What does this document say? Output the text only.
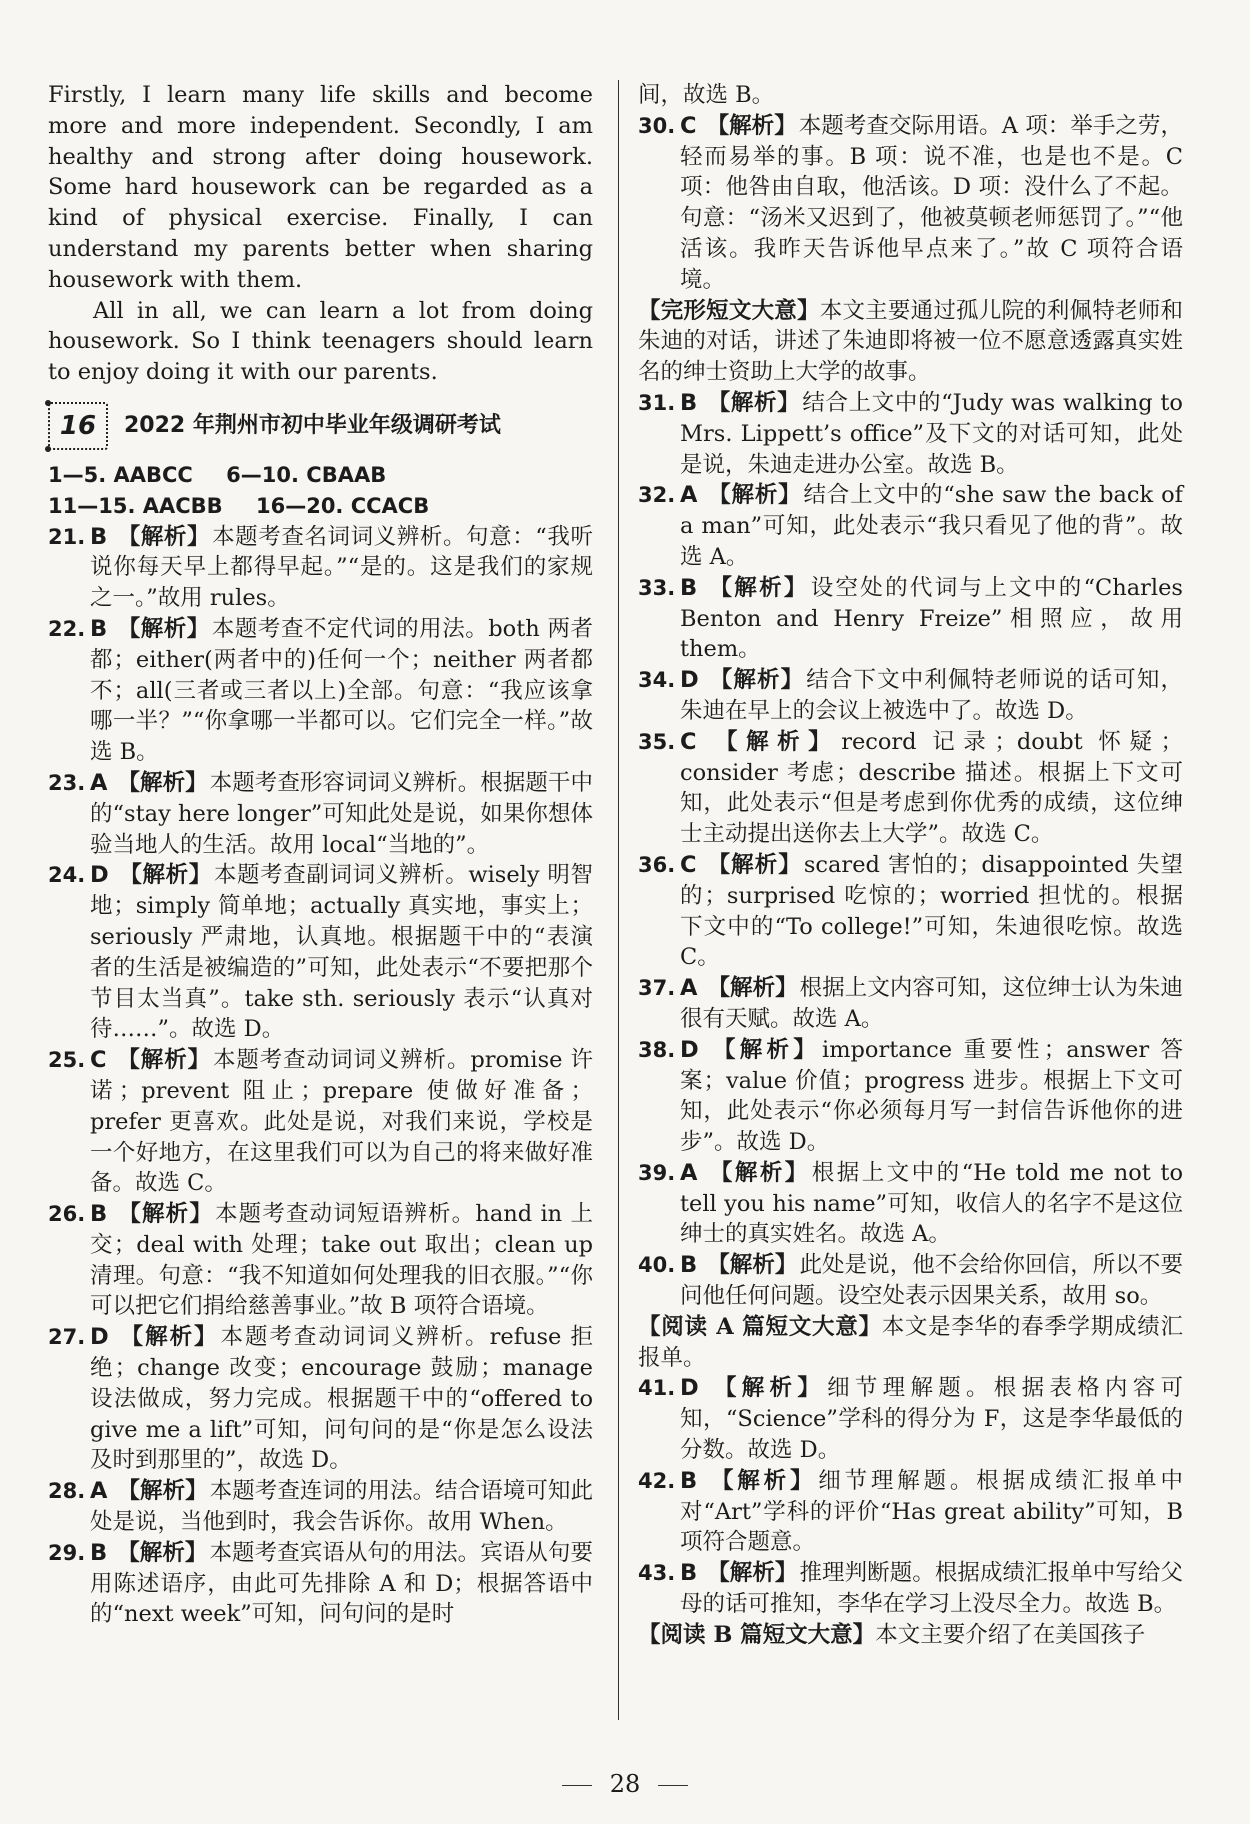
Firstly, I learn many life skills and become more and more independent. Secondly, I am healthy and strong after doing housework. Some hard housework can be regarded as a kind of physical exercise. Finally, I can understand my parents better when sharing housework with them.

All in all, we can learn a lot from doing housework. So I think teenagers should learn to enjoy doing it with our parents.

16	2022 年荆州市初中毕业年级调研考试
1—5. AABCC 6—10. CBAAB
11—15. AACBB 16—20. CCACB
21. B 【解析】本题考查名词词义辨析。句意：“我听说你每天早上都得早起。”“是的。这是我们的家规之一。”故用 rules。
22. B 【解析】本题考查不定代词的用法。both 两者都；either(两者中的)任何一个；neither 两者都不；all(三者或三者以上)全部。句意：“我应该拿哪一半？”“你拿哪一半都可以。它们完全一样。”故选 B。
23. A 【解析】本题考查形容词词义辨析。根据题干中的“stay here longer”可知此处是说，如果你想体验当地人的生活。故用 local“当地的”。
24. D 【解析】本题考查副词词义辨析。wisely 明智地；simply 简单地；actually 真实地，事实上；seriously 严肃地，认真地。根据题干中的“表演者的生活是被编造的”可知，此处表示“不要把那个节目太当真”。take sth. seriously 表示“认真对待……”。故选 D。
25. C 【解析】本题考查动词词义辨析。promise 许诺；prevent 阻止；prepare 使做好准备；prefer 更喜欢。此处是说，对我们来说，学校是一个好地方，在这里我们可以为自己的将来做好准备。故选 C。
26. B 【解析】本题考查动词短语辨析。hand in 上交；deal with 处理；take out 取出；clean up 清理。句意：“我不知道如何处理我的旧衣服。”“你可以把它们捐给慈善事业。”故 B 项符合语境。
27. D 【解析】本题考查动词词义辨析。refuse 拒绝；change 改变；encourage 鼓励；manage 设法做成，努力完成。根据题干中的“offered to give me a lift”可知，问句问的是“你是怎么设法及时到那里的”，故选 D。
28. A 【解析】本题考查连词的用法。结合语境可知此处是说，当他到时，我会告诉你。故用 When。
29. B 【解析】本题考查宾语从句的用法。宾语从句要用陈述语序，由此可先排除 A 和 D；根据答语中的“next week”可知，问句问的是时

间，故选 B。

30. C 【解析】本题考查交际用语。A 项：举手之劳，轻而易举的事。B 项：说不准，也是也不是。C 项：他咎由自取，他活该。D 项：没什么了不起。句意：“汤米又迟到了，他被莫顿老师惩罚了。”“他活该。我昨天告诉他早点来了。”故 C 项符合语境。

【完形短文大意】本文主要通过孤儿院的利佩特老师和朱迪的对话，讲述了朱迪即将被一位不愿意透露真实姓名的绅士资助上大学的故事。

31. B 【解析】结合上文中的“Judy was walking to Mrs. Lippett’s office”及下文的对话可知，此处是说，朱迪走进办公室。故选 B。
32. A 【解析】结合上文中的“she saw the back of a man”可知，此处表示“我只看见了他的背”。故选 A。
33. B 【解析】设空处的代词与上文中的“Charles Benton and Henry Freize”相照应，故用 them。
34. D 【解析】结合下文中利佩特老师说的话可知，朱迪在早上的会议上被选中了。故选 D。
35. C 【解析】record 记录；doubt 怀疑；consider 考虑；describe 描述。根据上下文可知，此处表示“但是考虑到你优秀的成绩，这位绅士主动提出送你去上大学”。故选 C。
36. C 【解析】scared 害怕的；disappointed 失望的；surprised 吃惊的；worried 担忧的。根据下文中的“To college!”可知，朱迪很吃惊。故选 C。
37. A 【解析】根据上文内容可知，这位绅士认为朱迪很有天赋。故选 A。
38. D 【解析】importance 重要性；answer 答案；value 价值；progress 进步。根据上下文可知，此处表示“你必须每月写一封信告诉他你的进步”。故选 D。
39. A 【解析】根据上文中的“He told me not to tell you his name”可知，收信人的名字不是这位绅士的真实姓名。故选 A。
40. B 【解析】此处是说，他不会给你回信，所以不要问他任何问题。设空处表示因果关系，故用 so。

【阅读 A 篇短文大意】本文是李华的春季学期成绩汇报单。

41. D 【解析】细节理解题。根据表格内容可知，“Science”学科的得分为 F，这是李华最低的分数。故选 D。
42. B 【解析】细节理解题。根据成绩汇报单中对“Art”学科的评价“Has great ability”可知，B 项符合题意。
43. B 【解析】推理判断题。根据成绩汇报单中写给父母的话可推知，李华在学习上没尽全力。故选 B。

【阅读 B 篇短文大意】本文主要介绍了在美国孩子

28
